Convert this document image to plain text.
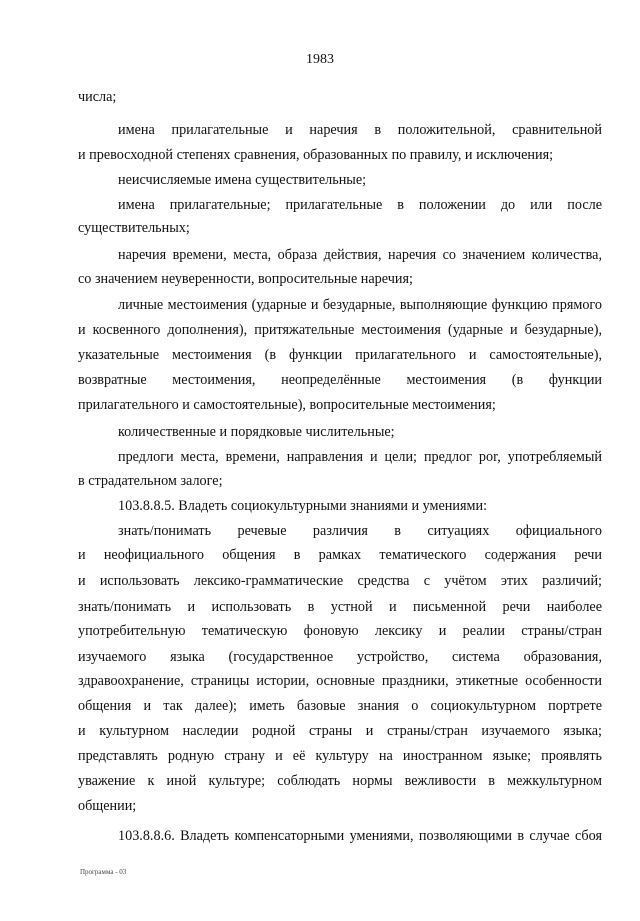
1983
числа;
имена прилагательные и наречия в положительной, сравнительной
и превосходной степенях сравнения, образованных по правилу, и исключения;
неисчисляемые имена существительные;
имена прилагательные; прилагательные в положении до или после
существительных;
наречия времени, места, образа действия, наречия со значением количества,
со значением неуверенности, вопросительные наречия;
личные местоимения (ударные и безударные, выполняющие функцию прямого
и косвенного дополнения), притяжательные местоимения (ударные и безударные),
указательные местоимения (в функции прилагательного и самостоятельные),
возвратные местоимения, неопределённые местоимения (в функции
прилагательного и самостоятельные), вопросительные местоимения;
количественные и порядковые числительные;
предлоги места, времени, направления и цели; предлог por, употребляемый
в страдательном залоге;
103.8.8.5. Владеть социокультурными знаниями и умениями:
знать/понимать речевые различия в ситуациях официального
и неофициального общения в рамках тематического содержания речи
и использовать лексико-грамматические средства с учётом этих различий;
знать/понимать и использовать в устной и письменной речи наиболее
употребительную тематическую фоновую лексику и реалии страны/стран
изучаемого языка (государственное устройство, система образования,
здравоохранение, страницы истории, основные праздники, этикетные особенности
общения и так далее); иметь базовые знания о социокультурном портрете
и культурном наследии родной страны и страны/стран изучаемого языка;
представлять родную страну и её культуру на иностранном языке; проявлять
уважение к иной культуре; соблюдать нормы вежливости в межкультурном
общении;
103.8.8.6. Владеть компенсаторными умениями, позволяющими в случае сбоя
Программа - 03
